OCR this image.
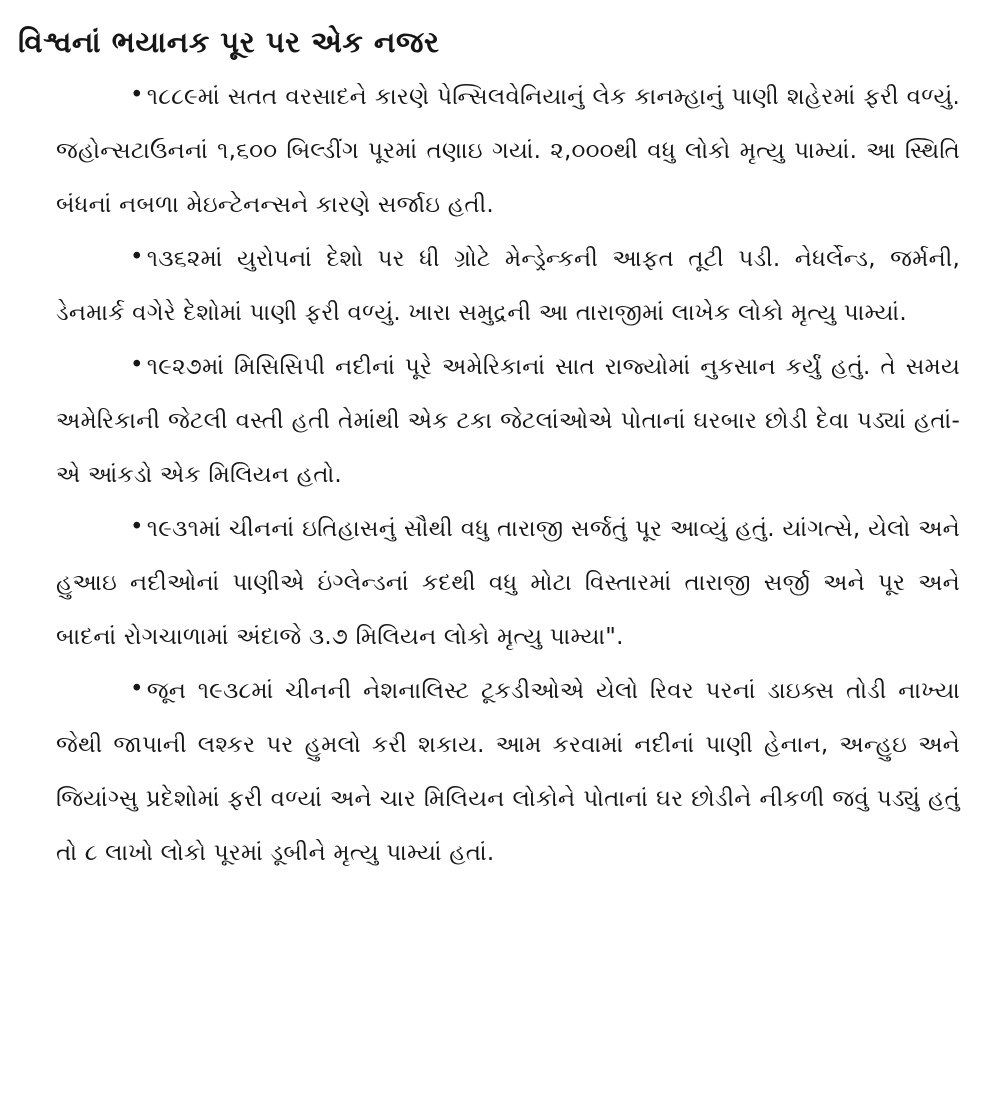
વિશ્વનાં ભયાનક પૂર પર એક નજર

• ૧૮૮૯માં સતત વરસાદને કારણે પેન્સિલવેનિયાનું લેક કાનમ્હાનું પાણી શહેરમાં ફરી વળ્યું. જહોન્સટાઉનનાં ૧,૬૦૦ બિલ્ડીંગ પૂરમાં તણાઇ ગયાં. ૨,૦૦૦થી વધુ લોકો મૃત્યુ પામ્યાં. આ સ્થિતિ બંધનાં નબળા મેઇન્ટેનન્સને કારણે સર્જાઇ હતી.

• ૧૩૬૨માં યુરોપનાં દેશો પર ધી ગ્રોટે મેન્ડ્રેન્કની આફત તૂટી પડી. નેધર્લેન્ડ, જર્મની, ડેનમાર્ક વગેરે દેશોમાં પાણી ફરી વળ્યું. ખારા સમુદ્રની આ તારાજીમાં લાખેક લોકો મૃત્યુ પામ્યાં.

• ૧૯૨૭માં મિસિસિપી નદીનાં પૂરે અમેરિકાનાં સાત રાજ્યોમાં નુકસાન કર્યું હતું. તે સમય અમેરિકાની જેટલી વસ્તી હતી તેમાંથી એક ટકા જેટલાંઓએ પોતાનાં ઘરબાર છોડી દેવા પડ્યાં હતાં- એ આંકડો એક મિલિયન હતો.

• ૧૯૩૧માં ચીનનાં ઇતિહાસનું સૌથી વધુ તારાજી સર્જતું પૂર આવ્યું હતું. યાંગત્સે, યેલો અને હુઆઇ નદીઓનાં પાણીએ ઇંગ્લેન્ડનાં કદથી વધુ મોટા વિસ્તારમાં તારાજી સર્જી અને પૂર અને બાદનાં રોગચાળામાં અંદાજે ૩.૭ મિલિયન લોકો મૃત્યુ પામ્યા".

• જૂન ૧૯૩૮માં ચીનની નેશનાલિસ્ટ ટૂકડીઓએ યેલો રિવર પરનાં ડાઇક્સ તોડી નાખ્યા જેથી જાપાની લશ્કર પર હુમલો કરી શકાય. આમ કરવામાં નદીનાં પાણી હેનાન, અન્હુઇ અને જિયાંગ્સુ પ્રદેશોમાં ફરી વળ્યાં અને ચાર મિલિયન લોકોને પોતાનાં ઘર છોડીને નીકળી જવું પડ્યું હતું તો ૮ લાખો લોકો પૂરમાં ડૂબીને મૃત્યુ પામ્યાં હતાં.
